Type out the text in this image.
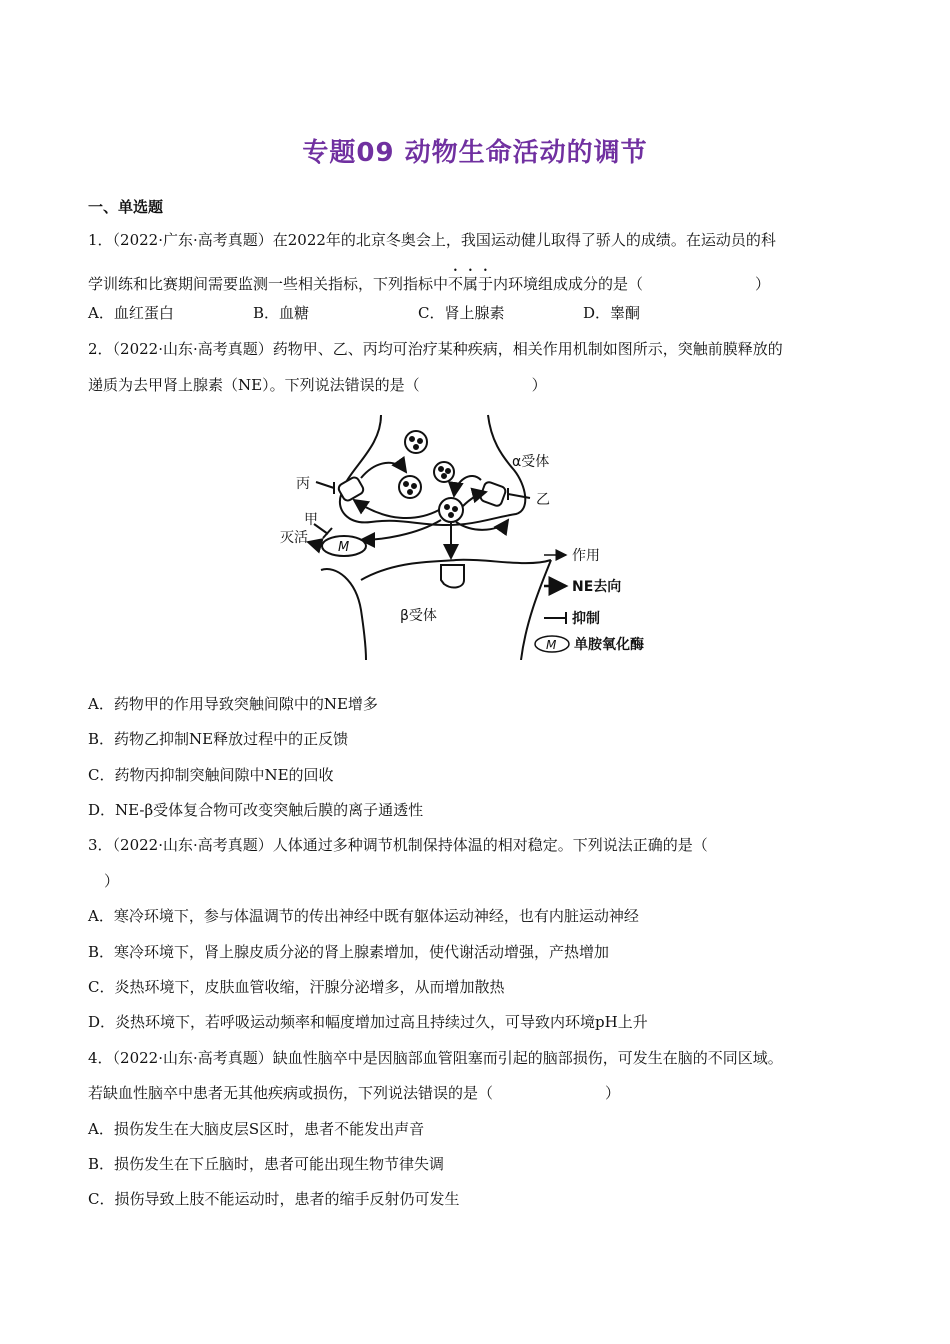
专题09 动物生命活动的调节
一、单选题
1．（2022·广东·高考真题）在2022年的北京冬奥会上，我国运动健儿取得了骄人的成绩。在运动员的科
学训练和比赛期间需要监测一些相关指标，下列指标中不属于内环境组成成分的是（	）
A．血红蛋白	B．血糖	C．肾上腺素	D．睾酮
2．（2022·山东·高考真题）药物甲、乙、丙均可治疗某种疾病，相关作用机制如图所示，突触前膜释放的
递质为去甲肾上腺素（NE）。下列说法错误的是（	）
丙
α受体
乙
M
甲
灭活
β受体
作用
NE去向
抑制
M 单胺氧化酶
A．药物甲的作用导致突触间隙中的NE增多
B．药物乙抑制NE释放过程中的正反馈
C．药物丙抑制突触间隙中NE的回收
D．NE-β受体复合物可改变突触后膜的离子通透性
3．（2022·山东·高考真题）人体通过多种调节机制保持体温的相对稳定。下列说法正确的是（
）
A．寒冷环境下，参与体温调节的传出神经中既有躯体运动神经，也有内脏运动神经
B．寒冷环境下，肾上腺皮质分泌的肾上腺素增加，使代谢活动增强，产热增加
C．炎热环境下，皮肤血管收缩，汗腺分泌增多，从而增加散热
D．炎热环境下，若呼吸运动频率和幅度增加过高且持续过久，可导致内环境pH上升
4．（2022·山东·高考真题）缺血性脑卒中是因脑部血管阻塞而引起的脑部损伤，可发生在脑的不同区域。
若缺血性脑卒中患者无其他疾病或损伤，下列说法错误的是（	）
A．损伤发生在大脑皮层S区时，患者不能发出声音
B．损伤发生在下丘脑时，患者可能出现生物节律失调
C．损伤导致上肢不能运动时，患者的缩手反射仍可发生
